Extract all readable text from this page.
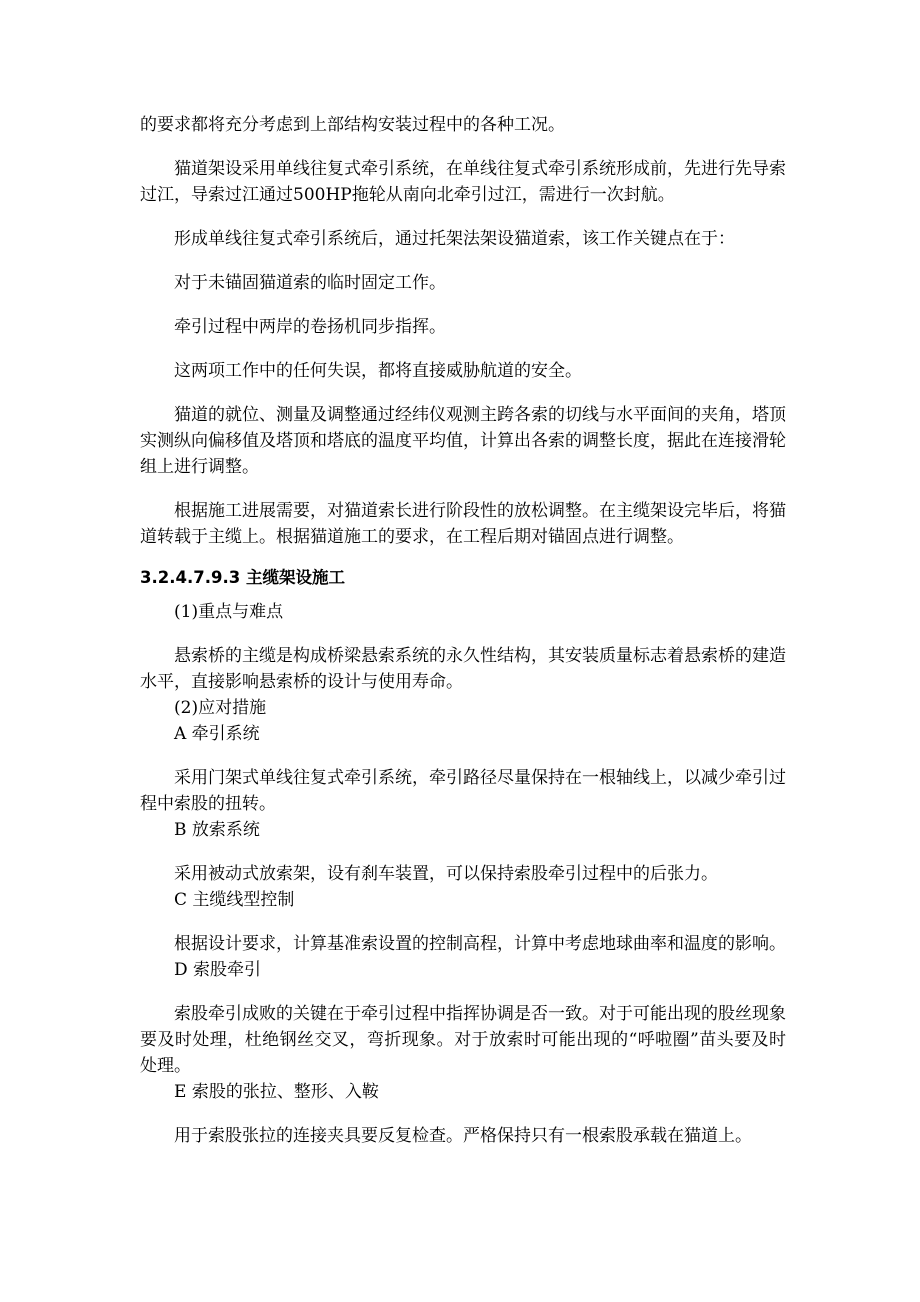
的要求都将充分考虑到上部结构安装过程中的各种工况。

猫道架设采用单线往复式牵引系统，在单线往复式牵引系统形成前，先进行先导索过江，导索过江通过500HP拖轮从南向北牵引过江，需进行一次封航。

形成单线往复式牵引系统后，通过托架法架设猫道索，该工作关键点在于：

对于未锚固猫道索的临时固定工作。

牵引过程中两岸的卷扬机同步指挥。

这两项工作中的任何失误，都将直接威胁航道的安全。

猫道的就位、测量及调整通过经纬仪观测主跨各索的切线与水平面间的夹角，塔顶实测纵向偏移值及塔顶和塔底的温度平均值，计算出各索的调整长度，据此在连接滑轮组上进行调整。

根据施工进展需要，对猫道索长进行阶段性的放松调整。在主缆架设完毕后，将猫道转载于主缆上。根据猫道施工的要求，在工程后期对锚固点进行调整。

3.2.4.7.9.3 主缆架设施工

(1)重点与难点

悬索桥的主缆是构成桥梁悬索系统的永久性结构，其安装质量标志着悬索桥的建造水平，直接影响悬索桥的设计与使用寿命。

(2)应对措施

A 牵引系统

采用门架式单线往复式牵引系统，牵引路径尽量保持在一根轴线上，以减少牵引过程中索股的扭转。

B 放索系统

采用被动式放索架，设有刹车装置，可以保持索股牵引过程中的后张力。

C 主缆线型控制

根据设计要求，计算基准索设置的控制高程，计算中考虑地球曲率和温度的影响。

D 索股牵引

索股牵引成败的关键在于牵引过程中指挥协调是否一致。对于可能出现的股丝现象要及时处理，杜绝钢丝交叉，弯折现象。对于放索时可能出现的“呼啦圈”苗头要及时处理。

E 索股的张拉、整形、入鞍

用于索股张拉的连接夹具要反复检查。严格保持只有一根索股承载在猫道上。
